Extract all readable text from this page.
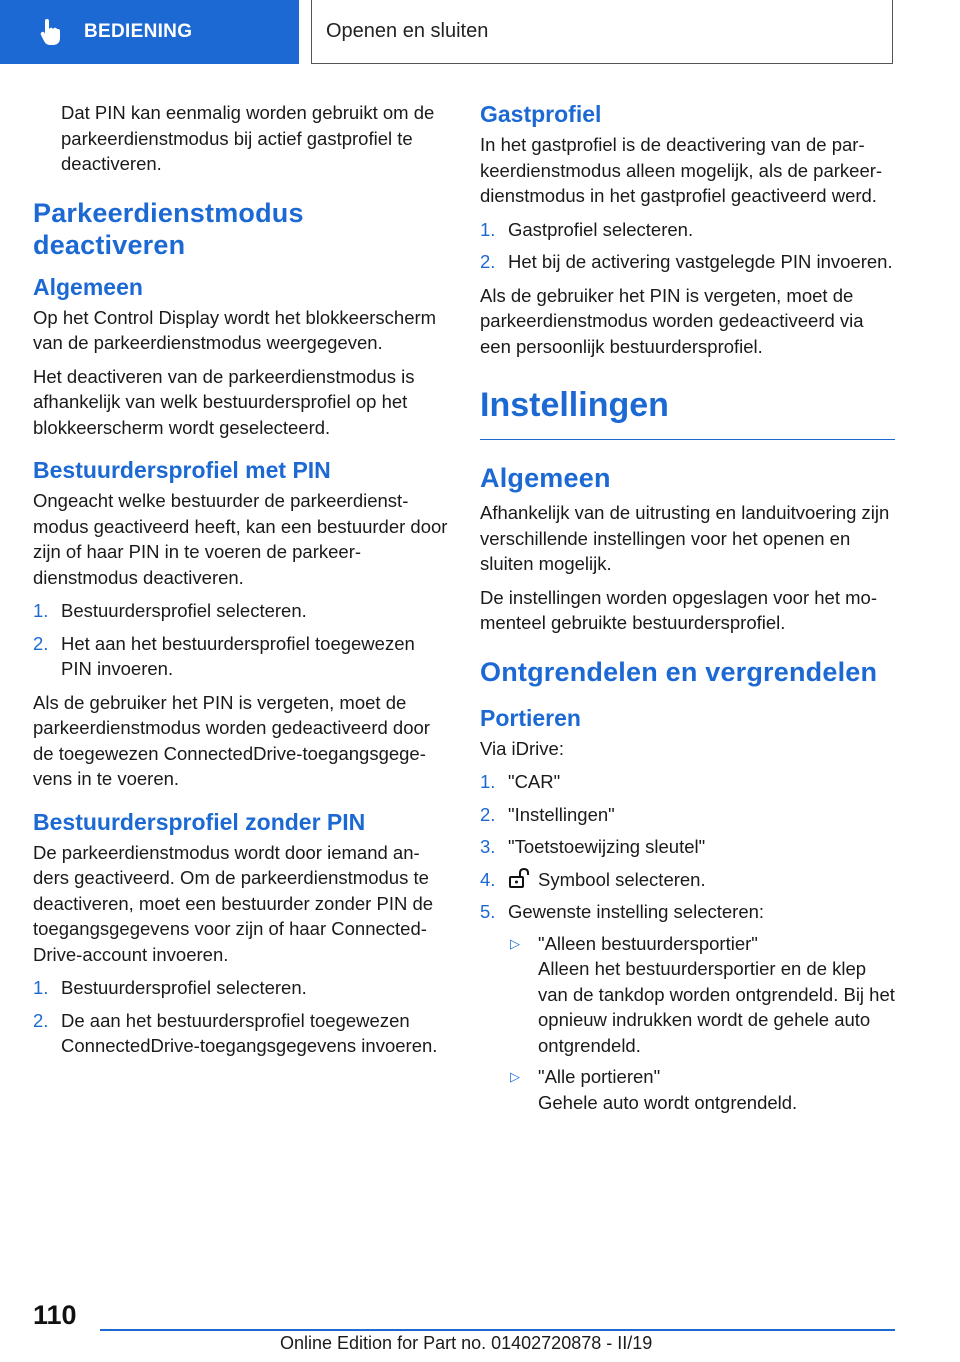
BEDIENING	Openen en sluiten

Dat PIN kan eenmalig worden gebruikt om de parkeerdienstmodus bij actief gastprofiel te deactiveren.

Parkeerdienstmodus deactiveren
Algemeen

Op het Control Display wordt het blokkeerscherm van de parkeerdienstmodus weergegeven.

Het deactiveren van de parkeerdienstmodus is afhankelijk van welk bestuurdersprofiel op het blokkeerscherm wordt geselecteerd.

Bestuurdersprofiel met PIN

Ongeacht welke bestuurder de parkeerdienstmodus geactiveerd heeft, kan een bestuurder door zijn of haar PIN in te voeren de parkeerdienstmodus deactiveren.

1. Bestuurdersprofiel selecteren.
2. Het aan het bestuurdersprofiel toegewezen PIN invoeren.

Als de gebruiker het PIN is vergeten, moet de parkeerdienstmodus worden gedeactiveerd door de toegewezen ConnectedDrive-toegangsgegevens in te voeren.

Bestuurdersprofiel zonder PIN

De parkeerdienstmodus wordt door iemand anders geactiveerd. Om de parkeerdienstmodus te deactiveren, moet een bestuurder zonder PIN de toegangsgegevens voor zijn of haar ConnectedDrive-account invoeren.

1. Bestuurdersprofiel selecteren.
2. De aan het bestuurdersprofiel toegewezen ConnectedDrive-toegangsgegevens invoeren.
Gastprofiel

In het gastprofiel is de deactivering van de parkeerdienstmodus alleen mogelijk, als de parkeerdienstmodus in het gastprofiel geactiveerd werd.

1. Gastprofiel selecteren.
2. Het bij de activering vastgelegde PIN invoeren.

Als de gebruiker het PIN is vergeten, moet de parkeerdienstmodus worden gedeactiveerd via een persoonlijk bestuurdersprofiel.

Instellingen
Algemeen

Afhankelijk van de uitrusting en landuitvoering zijn verschillende instellingen voor het openen en sluiten mogelijk.

De instellingen worden opgeslagen voor het momenteel gebruikte bestuurdersprofiel.

Ontgrendelen en vergrendelen
Portieren

Via iDrive:

1. "CAR"
2. "Instellingen"
3. "Toetstoewijzing sleutel"
4. Symbool selecteren.
5. Gewenste instelling selecteren:
▷ "Alleen bestuurdersportier"
Alleen het bestuurdersportier en de klep van de tankdop worden ontgrendeld. Bij het opnieuw indrukken wordt de gehele auto ontgrendeld.
▷ "Alle portieren"
Gehele auto wordt ontgrendeld.
110
Online Edition for Part no. 01402720878 - II/19
